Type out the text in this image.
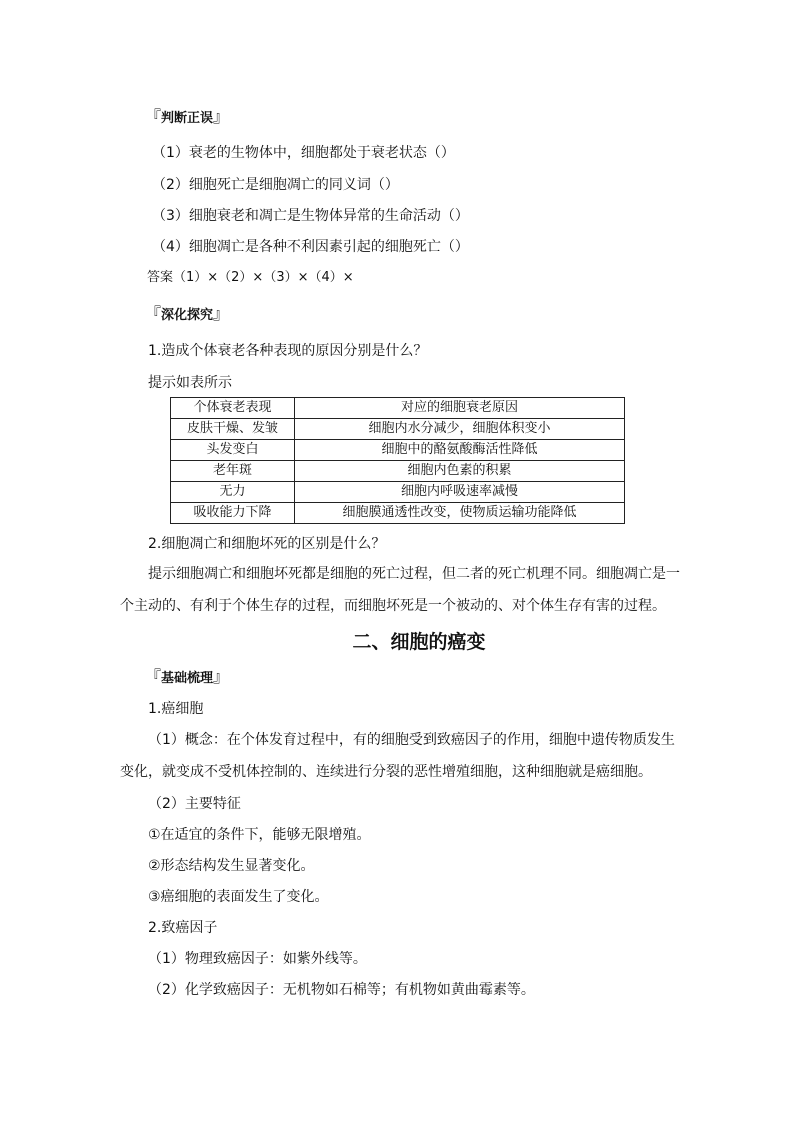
『判断正误』
（1）衰老的生物体中，细胞都处于衰老状态（）
（2）细胞死亡是细胞凋亡的同义词（）
（3）细胞衰老和凋亡是生物体异常的生命活动（）
（4）细胞凋亡是各种不利因素引起的细胞死亡（）
答案（1）×（2）×（3）×（4）×
『深化探究』
1.造成个体衰老各种表现的原因分别是什么？
提示如表所示
个体衰老表现	对应的细胞衰老原因
皮肤干燥、发皱	细胞内水分减少，细胞体积变小
头发变白	细胞中的酪氨酸酶活性降低
老年斑	细胞内色素的积累
无力	细胞内呼吸速率减慢
吸收能力下降	细胞膜通透性改变，使物质运输功能降低
2.细胞凋亡和细胞坏死的区别是什么？
提示细胞凋亡和细胞坏死都是细胞的死亡过程，但二者的死亡机理不同。细胞凋亡是一个主动的、有利于个体生存的过程，而细胞坏死是一个被动的、对个体生存有害的过程。
二、细胞的癌变
『基础梳理』
1.癌细胞
（1）概念：在个体发育过程中，有的细胞受到致癌因子的作用，细胞中遗传物质发生变化，就变成不受机体控制的、连续进行分裂的恶性增殖细胞，这种细胞就是癌细胞。
（2）主要特征
①在适宜的条件下，能够无限增殖。
②形态结构发生显著变化。
③癌细胞的表面发生了变化。
2.致癌因子
（1）物理致癌因子：如紫外线等。
（2）化学致癌因子：无机物如石棉等；有机物如黄曲霉素等。
